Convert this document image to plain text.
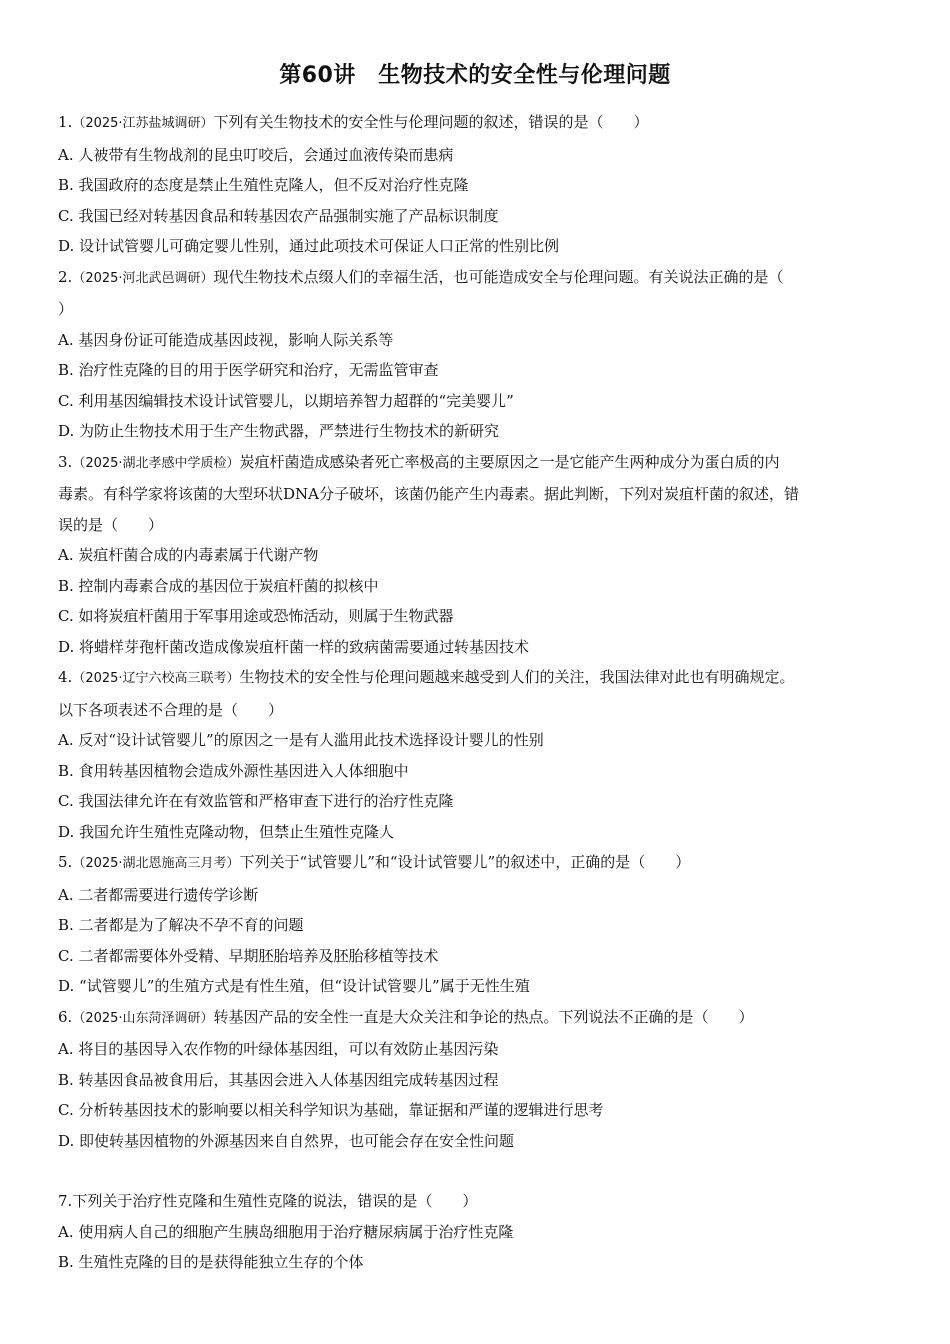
第60讲　生物技术的安全性与伦理问题
1.（2025·江苏盐城调研）下列有关生物技术的安全性与伦理问题的叙述，错误的是（　　）
A. 人被带有生物战剂的昆虫叮咬后，会通过血液传染而患病
B. 我国政府的态度是禁止生殖性克隆人，但不反对治疗性克隆
C. 我国已经对转基因食品和转基因农产品强制实施了产品标识制度
D. 设计试管婴儿可确定婴儿性别，通过此项技术可保证人口正常的性别比例
2.（2025·河北武邑调研）现代生物技术点缀人们的幸福生活，也可能造成安全与伦理问题。有关说法正确的是（
）
A. 基因身份证可能造成基因歧视，影响人际关系等
B. 治疗性克隆的目的用于医学研究和治疗，无需监管审查
C. 利用基因编辑技术设计试管婴儿，以期培养智力超群的“完美婴儿”
D. 为防止生物技术用于生产生物武器，严禁进行生物技术的新研究
3.（2025·湖北孝感中学质检）炭疽杆菌造成感染者死亡率极高的主要原因之一是它能产生两种成分为蛋白质的内
毒素。有科学家将该菌的大型环状DNA分子破坏，该菌仍能产生内毒素。据此判断，下列对炭疽杆菌的叙述，错
误的是（　　）
A. 炭疽杆菌合成的内毒素属于代谢产物
B. 控制内毒素合成的基因位于炭疽杆菌的拟核中
C. 如将炭疽杆菌用于军事用途或恐怖活动，则属于生物武器
D. 将蜡样芽孢杆菌改造成像炭疽杆菌一样的致病菌需要通过转基因技术
4.（2025·辽宁六校高三联考）生物技术的安全性与伦理问题越来越受到人们的关注，我国法律对此也有明确规定。
以下各项表述不合理的是（　　）
A. 反对“设计试管婴儿”的原因之一是有人滥用此技术选择设计婴儿的性别
B. 食用转基因植物会造成外源性基因进入人体细胞中
C. 我国法律允许在有效监管和严格审查下进行的治疗性克隆
D. 我国允许生殖性克隆动物，但禁止生殖性克隆人
5.（2025·湖北恩施高三月考）下列关于“试管婴儿”和“设计试管婴儿”的叙述中，正确的是（　　）
A. 二者都需要进行遗传学诊断
B. 二者都是为了解决不孕不育的问题
C. 二者都需要体外受精、早期胚胎培养及胚胎移植等技术
D. “试管婴儿”的生殖方式是有性生殖，但“设计试管婴儿”属于无性生殖
6.（2025·山东菏泽调研）转基因产品的安全性一直是大众关注和争论的热点。下列说法不正确的是（　　）
A. 将目的基因导入农作物的叶绿体基因组，可以有效防止基因污染
B. 转基因食品被食用后，其基因会进入人体基因组完成转基因过程
C. 分析转基因技术的影响要以相关科学知识为基础，靠证据和严谨的逻辑进行思考
D. 即使转基因植物的外源基因来自自然界，也可能会存在安全性问题
7.下列关于治疗性克隆和生殖性克隆的说法，错误的是（　　）
A. 使用病人自己的细胞产生胰岛细胞用于治疗糖尿病属于治疗性克隆
B. 生殖性克隆的目的是获得能独立生存的个体
